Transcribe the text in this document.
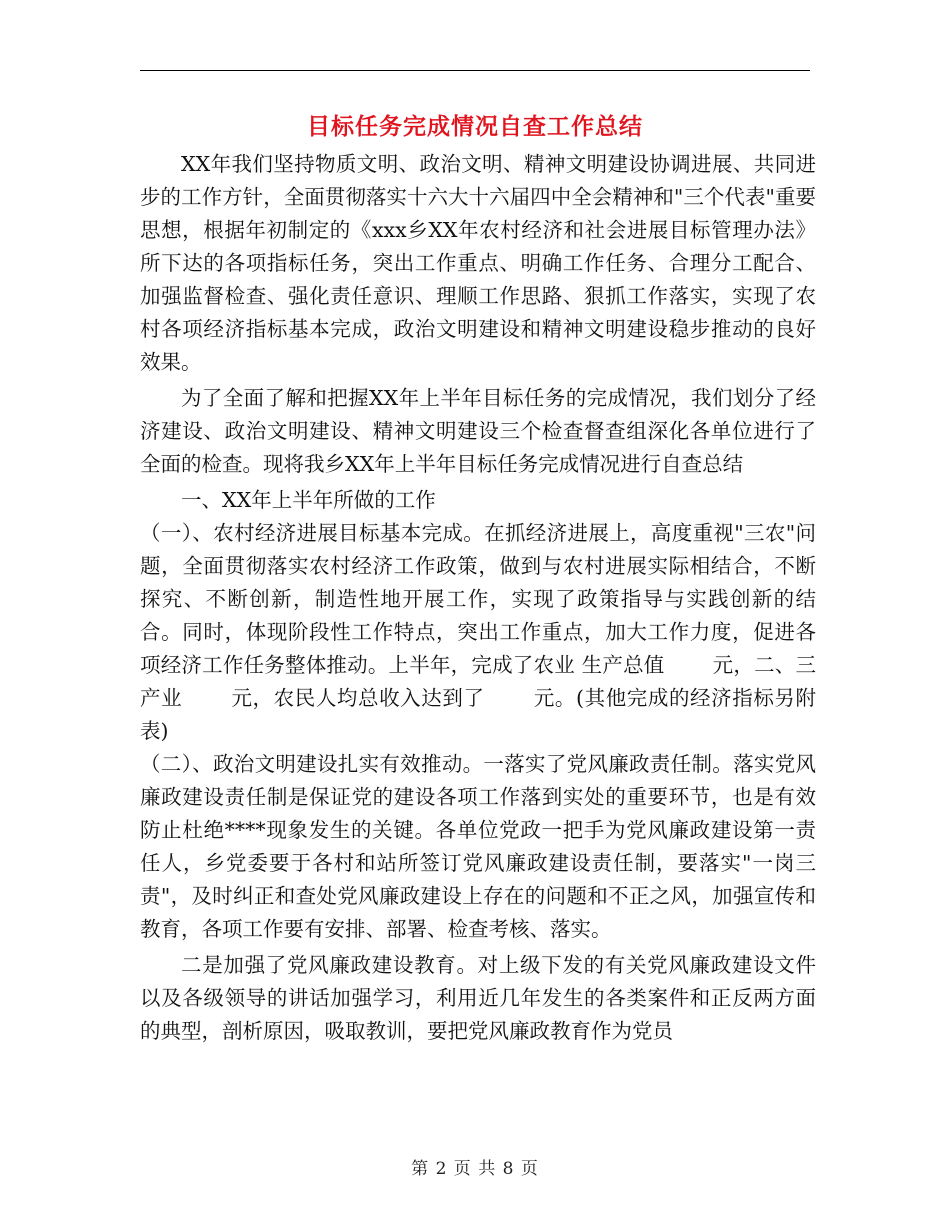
目标任务完成情况自查工作总结

XX年我们坚持物质文明、政治文明、精神文明建设协调进展、共同进步的工作方针，全面贯彻落实十六大十六届四中全会精神和"三个代表"重要思想，根据年初制定的《xxx乡XX年农村经济和社会进展目标管理办法》所下达的各项指标任务，突出工作重点、明确工作任务、合理分工配合、加强监督检查、强化责任意识、理顺工作思路、狠抓工作落实，实现了农村各项经济指标基本完成，政治文明建设和精神文明建设稳步推动的良好效果。

为了全面了解和把握XX年上半年目标任务的完成情况，我们划分了经济建设、政治文明建设、精神文明建设三个检查督查组深化各单位进行了全面的检查。现将我乡XX年上半年目标任务完成情况进行自查总结

一、XX年上半年所做的工作

（一）、农村经济进展目标基本完成。在抓经济进展上，高度重视"三农"问题，全面贯彻落实农村经济工作政策，做到与农村进展实际相结合，不断探究、不断创新，制造性地开展工作，实现了政策指导与实践创新的结合。同时，体现阶段性工作特点，突出工作重点，加大工作力度，促进各项经济工作任务整体推动。上半年，完成了农业 生产总值　　 元，二、三产业　　 元，农民人均总收入达到了　　 元。(其他完成的经济指标另附表)

（二）、政治文明建设扎实有效推动。一落实了党风廉政责任制。落实党风廉政建设责任制是保证党的建设各项工作落到实处的重要环节，也是有效防止杜绝****现象发生的关键。各单位党政一把手为党风廉政建设第一责任人，乡党委要于各村和站所签订党风廉政建设责任制，要落实"一岗三责"，及时纠正和查处党风廉政建设上存在的问题和不正之风，加强宣传和教育，各项工作要有安排、部署、检查考核、落实。

二是加强了党风廉政建设教育。对上级下发的有关党风廉政建设文件以及各级领导的讲话加强学习，利用近几年发生的各类案件和正反两方面的典型，剖析原因，吸取教训，要把党风廉政教育作为党员

第 2 页 共 8 页
